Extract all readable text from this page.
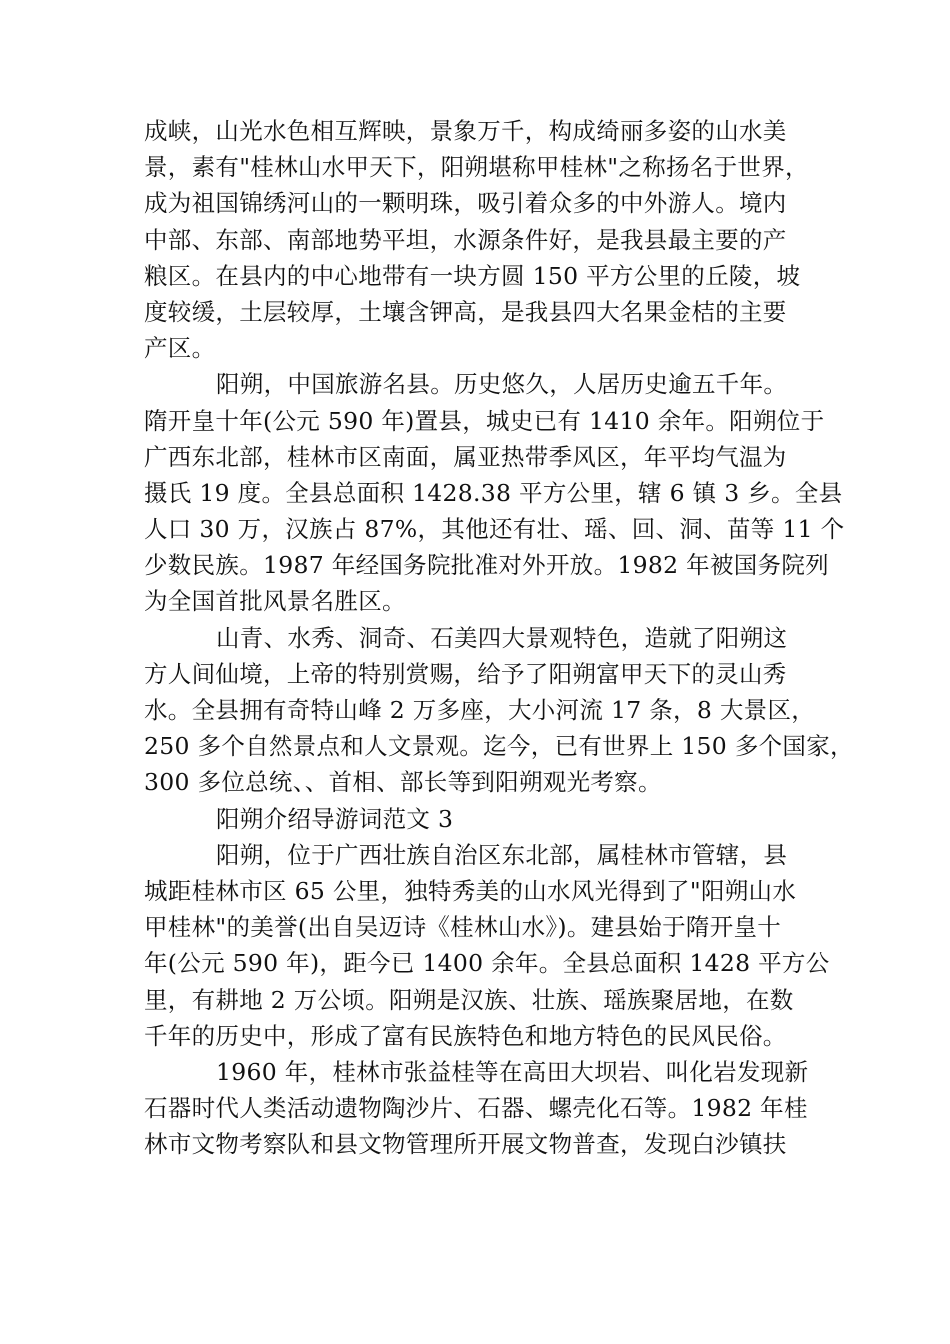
成峡，山光水色相互辉映，景象万千，构成绮丽多姿的山水美
景，素有"桂林山水甲天下，阳朔堪称甲桂林"之称扬名于世界，
成为祖国锦绣河山的一颗明珠，吸引着众多的中外游人。境内
中部、东部、南部地势平坦，水源条件好，是我县最主要的产
粮区。在县内的中心地带有一块方圆 150 平方公里的丘陵，坡
度较缓，土层较厚，土壤含钾高，是我县四大名果金桔的主要
产区。
阳朔，中国旅游名县。历史悠久，人居历史逾五千年。
隋开皇十年(公元 590 年)置县，城史已有 1410 余年。阳朔位于
广西东北部，桂林市区南面，属亚热带季风区，年平均气温为
摄氏 19 度。全县总面积 1428.38 平方公里，辖 6 镇 3 乡。全县
人口 30 万，汉族占 87%，其他还有壮、瑶、回、洞、苗等 11 个
少数民族。1987 年经国务院批准对外开放。1982 年被国务院列
为全国首批风景名胜区。
山青、水秀、洞奇、石美四大景观特色，造就了阳朔这
方人间仙境，上帝的特别赏赐，给予了阳朔富甲天下的灵山秀
水。全县拥有奇特山峰 2 万多座，大小河流 17 条，8 大景区，
250 多个自然景点和人文景观。迄今，已有世界上 150 多个国家，
300 多位总统、、首相、部长等到阳朔观光考察。
阳朔介绍导游词范文 3
阳朔，位于广西壮族自治区东北部，属桂林市管辖，县
城距桂林市区 65 公里，独特秀美的山水风光得到了"阳朔山水
甲桂林"的美誉(出自吴迈诗《桂林山水》)。建县始于隋开皇十
年(公元 590 年)，距今已 1400 余年。全县总面积 1428 平方公
里，有耕地 2 万公顷。阳朔是汉族、壮族、瑶族聚居地，在数
千年的历史中，形成了富有民族特色和地方特色的民风民俗。
1960 年，桂林市张益桂等在高田大坝岩、叫化岩发现新
石器时代人类活动遗物陶沙片、石器、螺壳化石等。1982 年桂
林市文物考察队和县文物管理所开展文物普查，发现白沙镇扶
